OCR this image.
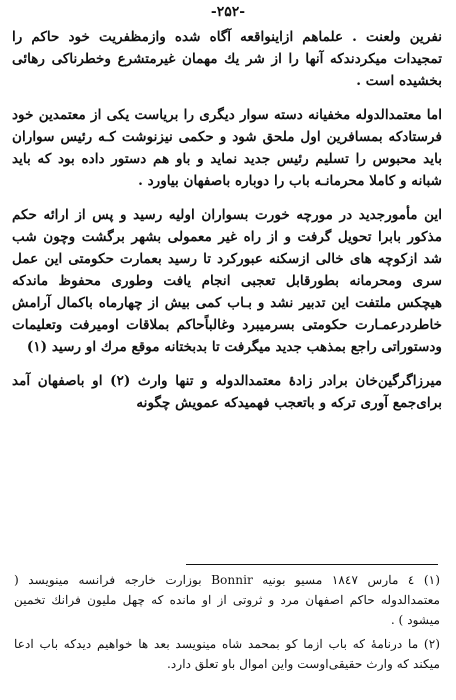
-۲۵۲-

نفرین ولعنت . علماهم ازاینواقعه آگاه شده وازمظفریت خود حاکم را تمجیدات میکردندکه آنها را از شر یك مهمان غیرمتشرع وخطرناکی رهائی بخشیده است .

اما معتمدالدوله مخفیانه دسته سوار دیگری را بریاست یکی از معتمدین خود فرستادکه بمسافرین اول ملحق شود و حکمی نیزنوشت کـه رئیس سواران باید محبوس را تسلیم رئیس جدید نماید و باو هم دستور داده بود که باید شبانه و کاملا محرمانـه باب را دوباره باصفهان بیاورد .

این مأمورجدید در مورچه خورت بسواران اولیه رسید و پس از ارائه حکم مذکور بابرا تحویل گرفت و از راه غیر معمولی بشهر برگشت وچون شب شد ازکوچه های خالی ازسکنه عبورکرد تا رسید بعمارت حکومتی این عمل سری ومحرمانه بطورقابل تعجبی انجام یافت وطوری محفوظ ماندکه هیچکس ملتفت این تدبیر نشد و بـاب کمی بیش از چهارماه باکمال آرامش خاطردرعمـارت حکومتی بسرمیبرد وغالباًحاکم بملاقات اومیرفت وتعلیمات ودستوراتی راجع بمذهب جدید میگرفت تا بدبختانه موقع مرك او رسید (۱)

میرزاگرگین‌خان برادر زادهٔ معتمدالدوله و تنها وارث (۲) او باصفهان آمد برای‌جمع آوری ترکه و باتعجب فهمیدکه عمویش چگونه

(۱) ٤ مارس ۱۸٤٧ مسیو بونیه Bonnir بوزارت خارجه فرانسه مینویسد ( معتمدالدوله حاکم اصفهان مرد و ثروتی از او مانده که چهل ملیون فرانك تخمین میشود ) .

(۲) ما درنامهٔ که باب ازما کو بمحمد شاه مینویسد بعد ها خواهیم دیدکه باب ادعا میکند که وارث حقیقی‌اوست واین اموال باو تعلق دارد.
